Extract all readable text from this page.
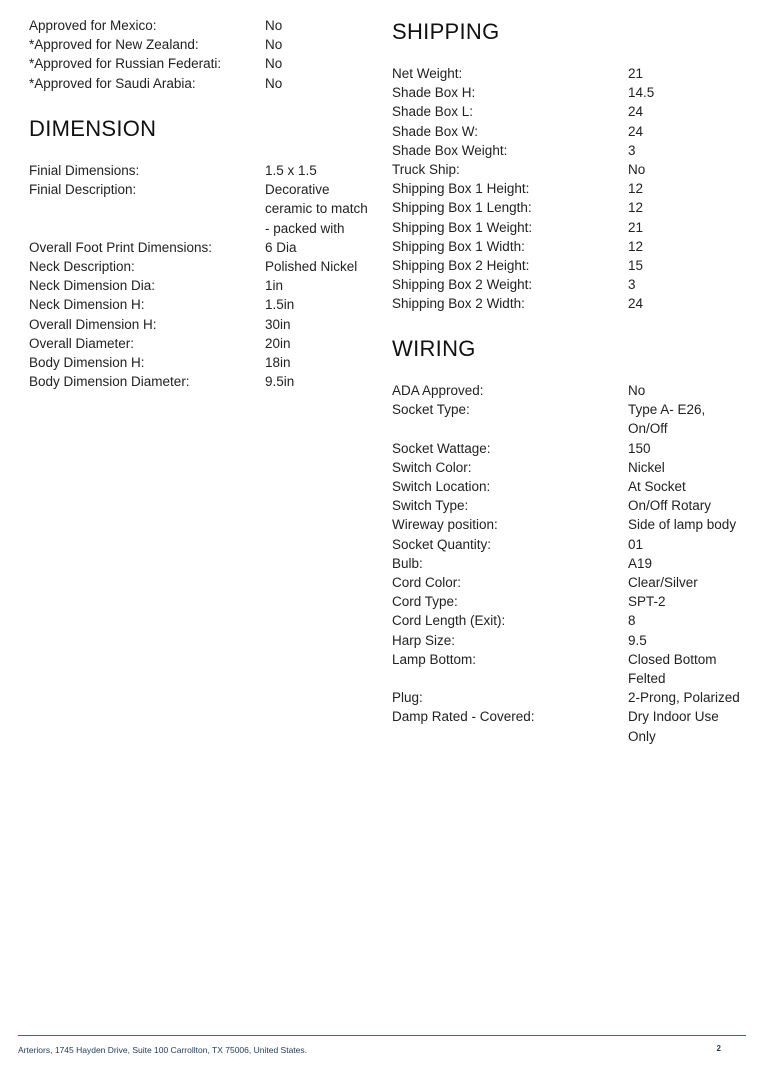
Approved for Mexico:	No
*Approved for New Zealand:	No
*Approved for Russian Federati:	No
*Approved for Saudi Arabia:	No
DIMENSION
Finial Dimensions:	1.5 x 1.5
Finial Description:	Decorative ceramic to match - packed with
Overall Foot Print Dimensions:	6 Dia
Neck Description:	Polished Nickel
Neck Dimension Dia:	1in
Neck Dimension H:	1.5in
Overall Dimension H:	30in
Overall Diameter:	20in
Body Dimension H:	18in
Body Dimension Diameter:	9.5in
SHIPPING
Net Weight:	21
Shade Box H:	14.5
Shade Box L:	24
Shade Box W:	24
Shade Box Weight:	3
Truck Ship:	No
Shipping Box 1 Height:	12
Shipping Box 1 Length:	12
Shipping Box 1 Weight:	21
Shipping Box 1 Width:	12
Shipping Box 2 Height:	15
Shipping Box 2 Weight:	3
Shipping Box 2 Width:	24
WIRING
ADA Approved:	No
Socket Type:	Type A- E26, On/Off
Socket Wattage:	150
Switch Color:	Nickel
Switch Location:	At Socket
Switch Type:	On/Off Rotary
Wireway position:	Side of lamp body
Socket Quantity:	01
Bulb:	A19
Cord Color:	Clear/Silver
Cord Type:	SPT-2
Cord Length (Exit):	8
Harp Size:	9.5
Lamp Bottom:	Closed Bottom Felted
Plug:	2-Prong, Polarized
Damp Rated - Covered:	Dry Indoor Use Only
Arteriors, 1745 Hayden Drive, Suite 100 Carrollton, TX 75006, United States.	2
